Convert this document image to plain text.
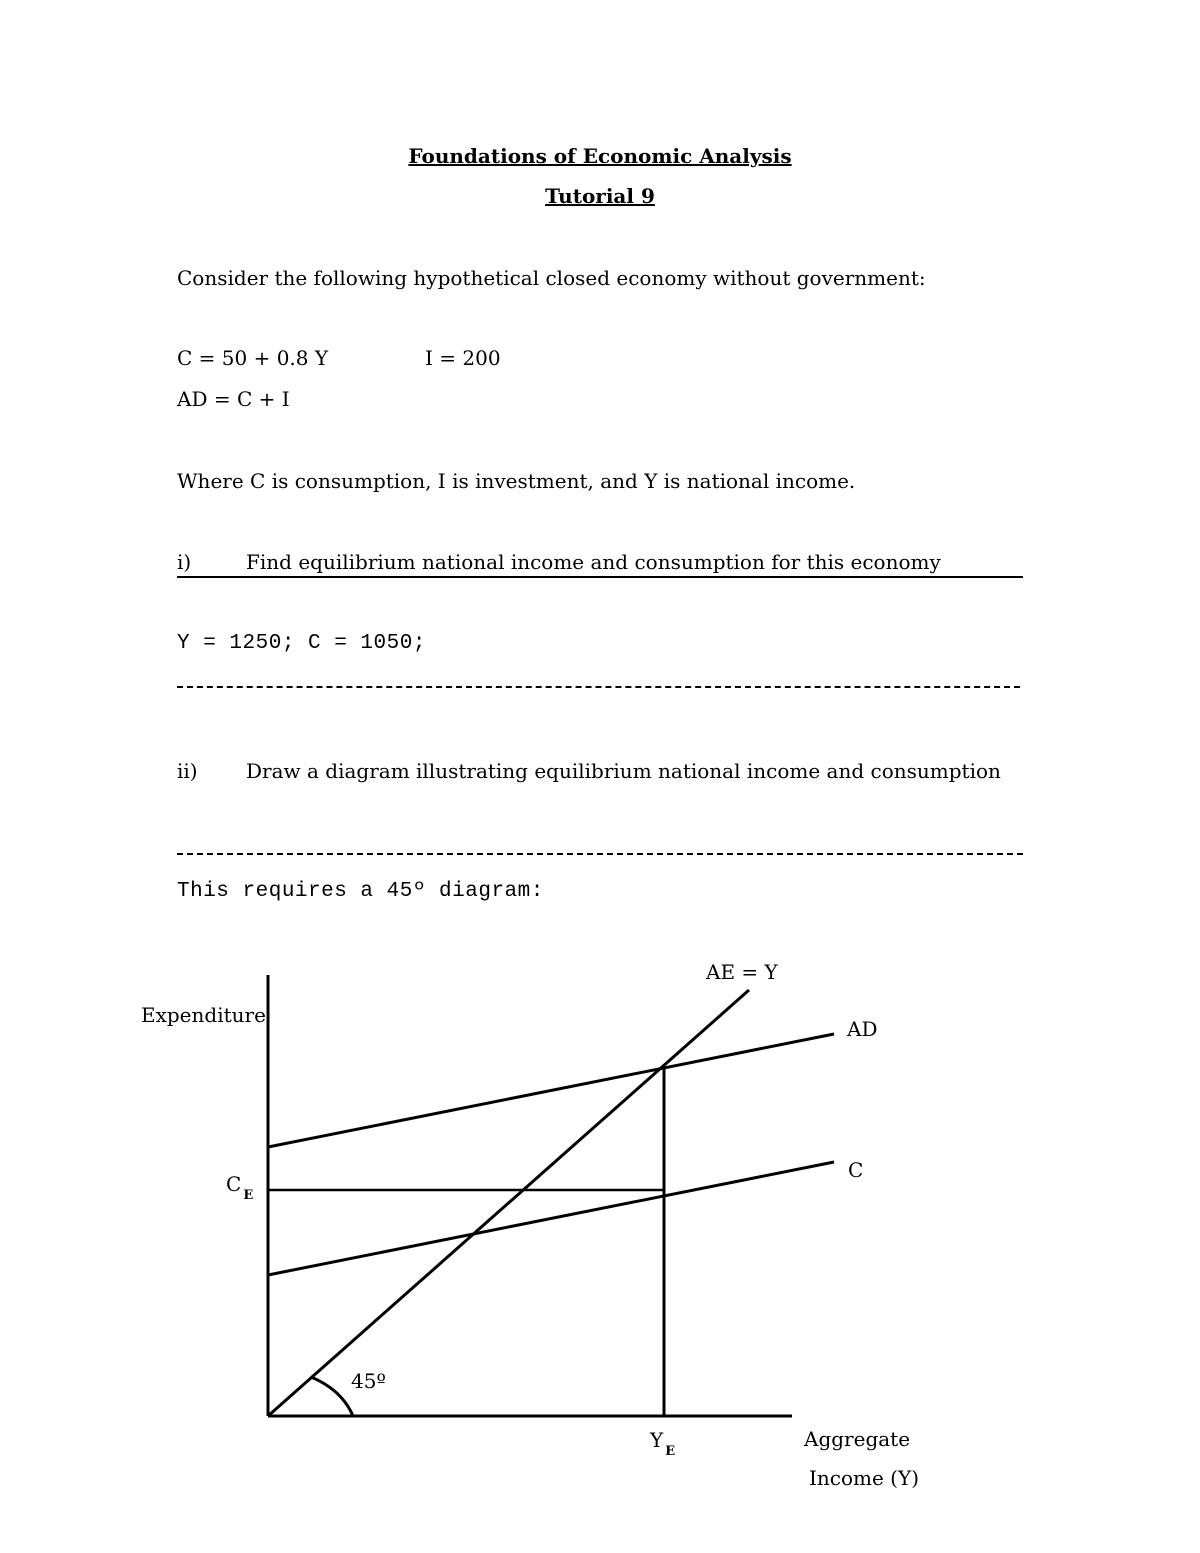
Foundations of Economic Analysis
Tutorial 9
Consider the following hypothetical closed economy without government:
C = 50 + 0.8 Y	I = 200
AD = C + I
Where C is consumption, I is investment, and Y is national income.
i)	Find equilibrium national income and consumption for this economy
Y = 1250; C = 1050;
ii) Draw a diagram illustrating equilibrium national income and consumption
This requires a 45º diagram:
Expenditure
AE = Y
AD
C
C $_E$
45º
Y $_E$
Aggregate
Income (Y)
